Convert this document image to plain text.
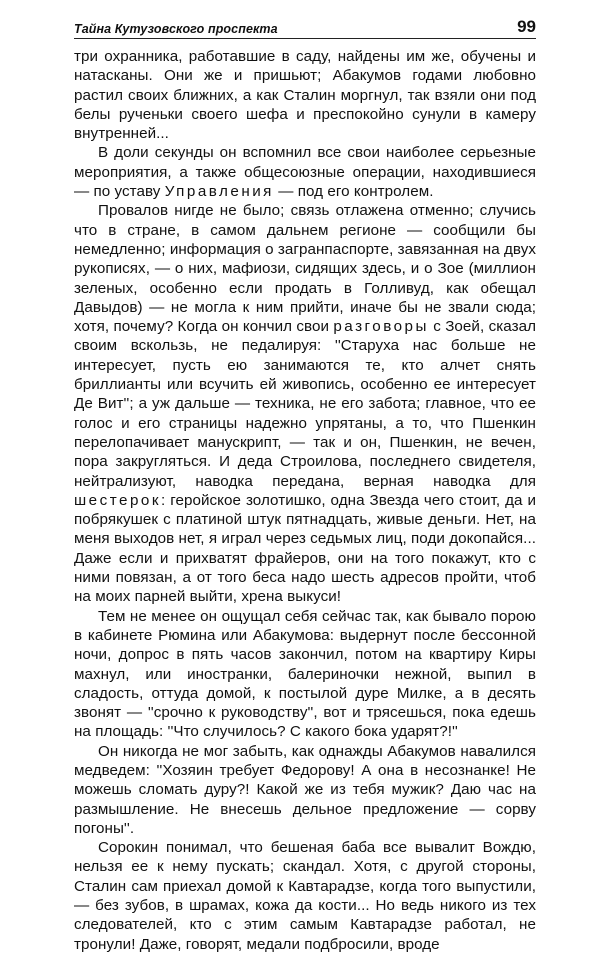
Тайна Кутузовского проспекта	99

три охранника, работавшие в саду, найдены им же, обучены и натасканы. Они же и пришьют; Абакумов годами любовно растил своих ближних, а как Сталин моргнул, так взяли они под белы рученьки своего шефа и преспокойно сунули в камеру внутренней...

В доли секунды он вспомнил все свои наиболее серьезные мероприятия, а также общесоюзные операции, находившиеся — по уставу Управления — под его контролем.

Провалов нигде не было; связь отлажена отменно; случись что в стране, в самом дальнем регионе — сообщили бы немедленно; информация о загранпаспорте, завязанная на двух рукописях, — о них, мафиози, сидящих здесь, и о Зое (миллион зеленых, особенно если продать в Голливуд, как обещал Давыдов) — не могла к ним прийти, иначе бы не звали сюда; хотя, почему? Когда он кончил свои разговоры с Зоей, сказал своим вскользь, не педалируя: ''Старуха нас больше не интересует, пусть ею занимаются те, кто алчет снять бриллианты или всучить ей живопись, особенно ее интересует Де Вит''; а уж дальше — техника, не его забота; главное, что ее голос и его страницы надежно упрятаны, а то, что Пшенкин перелопачивает манускрипт, — так и он, Пшенкин, не вечен, пора закругляться. И деда Строилова, последнего свидетеля, нейтрализуют, наводка передана, верная наводка для шестерок: геройское золотишко, одна Звезда чего стоит, да и побрякушек с платиной штук пятнадцать, живые деньги. Нет, на меня выходов нет, я играл через седьмых лиц, поди докопайся... Даже если и прихватят фрайеров, они на того покажут, кто с ними повязан, а от того беса надо шесть адресов пройти, чтоб на моих парней выйти, хрена выкуси!

Тем не менее он ощущал себя сейчас так, как бывало порою в кабинете Рюмина или Абакумова: выдернут после бессонной ночи, допрос в пять часов закончил, потом на квартиру Киры махнул, или иностранки, балериночки нежной, выпил в сладость, оттуда домой, к постылой дуре Милке, а в десять звонят — ''срочно к руководству'', вот и трясешься, пока едешь на площадь: ''Что случилось? С какого бока ударят?!''

Он никогда не мог забыть, как однажды Абакумов навалился медведем: ''Хозяин требует Федорову! А она в несознанке! Не можешь сломать дуру?! Какой же из тебя мужик? Даю час на размышление. Не внесешь дельное предложение — сорву погоны''.

Сорокин понимал, что бешеная баба все вывалит Вождю, нельзя ее к нему пускать; скандал. Хотя, с другой стороны, Сталин сам приехал домой к Кавтарадзе, когда того выпустили, — без зубов, в шрамах, кожа да кости... Но ведь никого из тех следователей, кто с этим самым Кавтарадзе работал, не тронули! Даже, говорят, медали подбросили, вроде
